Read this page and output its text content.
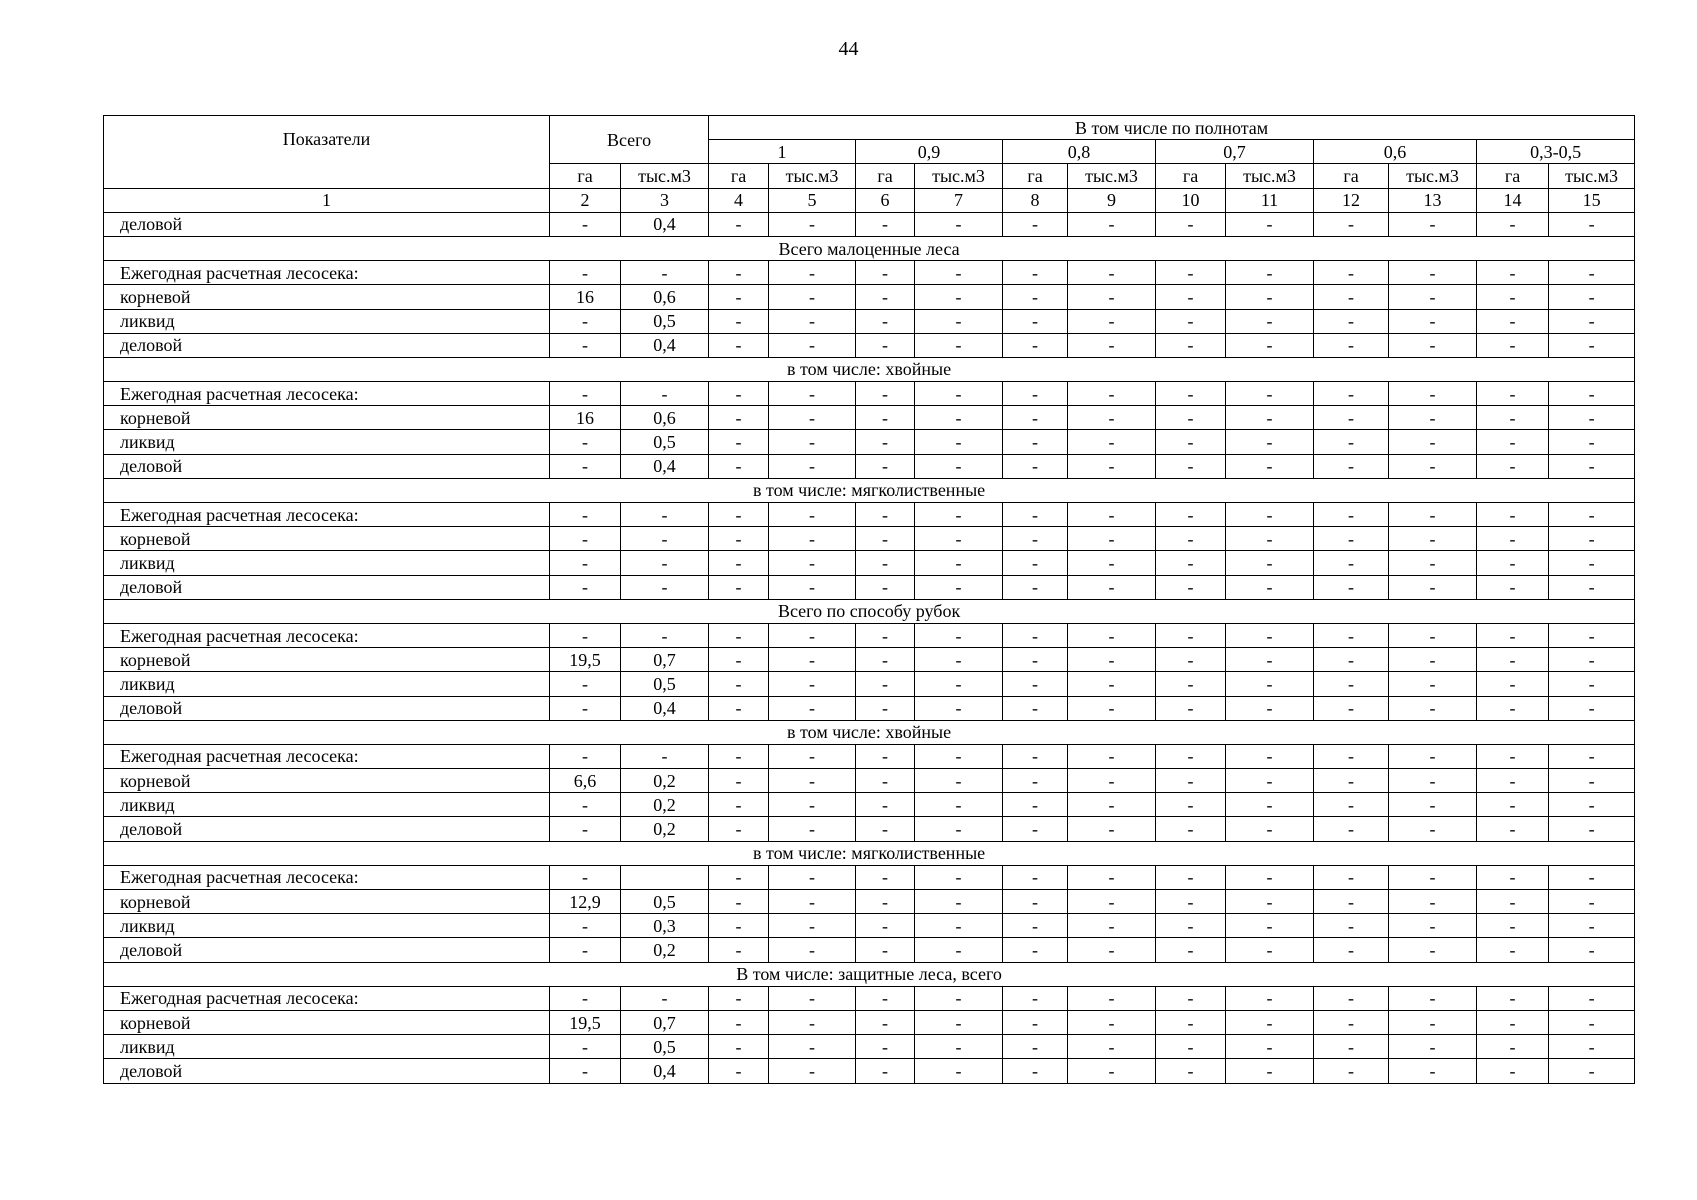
44
Показатели	Всего		В том числе по полнотам											
			1		0,9		0,8		0,7		0,6		0,3-0,5	
	га	тыс.м3	га	тыс.м3	га	тыс.м3	га	тыс.м3	га	тыс.м3	га	тыс.м3	га	тыс.м3
1	2	3	4	5	6	7	8	9	10	11	12	13	14	15
деловой	-	0,4	-	-	-	-	-	-	-	-	-	-	-	-
Всего малоценные леса														
Ежегодная расчетная лесосека:	-	-	-	-	-	-	-	-	-	-	-	-	-	-
корневой	16	0,6	-	-	-	-	-	-	-	-	-	-	-	-
ликвид	-	0,5	-	-	-	-	-	-	-	-	-	-	-	-
деловой	-	0,4	-	-	-	-	-	-	-	-	-	-	-	-
в том числе: хвойные														
Ежегодная расчетная лесосека:	-	-	-	-	-	-	-	-	-	-	-	-	-	-
корневой	16	0,6	-	-	-	-	-	-	-	-	-	-	-	-
ликвид	-	0,5	-	-	-	-	-	-	-	-	-	-	-	-
деловой	-	0,4	-	-	-	-	-	-	-	-	-	-	-	-
в том числе: мягколиственные														
Ежегодная расчетная лесосека:	-	-	-	-	-	-	-	-	-	-	-	-	-	-
корневой	-	-	-	-	-	-	-	-	-	-	-	-	-	-
ликвид	-	-	-	-	-	-	-	-	-	-	-	-	-	-
деловой	-	-	-	-	-	-	-	-	-	-	-	-	-	-
Всего по способу рубок														
Ежегодная расчетная лесосека:	-	-	-	-	-	-	-	-	-	-	-	-	-	-
корневой	19,5	0,7	-	-	-	-	-	-	-	-	-	-	-	-
ликвид	-	0,5	-	-	-	-	-	-	-	-	-	-	-	-
деловой	-	0,4	-	-	-	-	-	-	-	-	-	-	-	-
в том числе: хвойные														
Ежегодная расчетная лесосека:	-	-	-	-	-	-	-	-	-	-	-	-	-	-
корневой	6,6	0,2	-	-	-	-	-	-	-	-	-	-	-	-
ликвид	-	0,2	-	-	-	-	-	-	-	-	-	-	-	-
деловой	-	0,2	-	-	-	-	-	-	-	-	-	-	-	-
в том числе: мягколиственные														
Ежегодная расчетная лесосека:	-		-	-	-	-	-	-	-	-	-	-	-	-
корневой	12,9	0,5	-	-	-	-	-	-	-	-	-	-	-	-
ликвид	-	0,3	-	-	-	-	-	-	-	-	-	-	-	-
деловой	-	0,2	-	-	-	-	-	-	-	-	-	-	-	-
В том числе: защитные леса, всего														
Ежегодная расчетная лесосека:	-	-	-	-	-	-	-	-	-	-	-	-	-	-
корневой	19,5	0,7	-	-	-	-	-	-	-	-	-	-	-	-
ликвид	-	0,5	-	-	-	-	-	-	-	-	-	-	-	-
деловой	-	0,4	-	-	-	-	-	-	-	-	-	-	-	-
